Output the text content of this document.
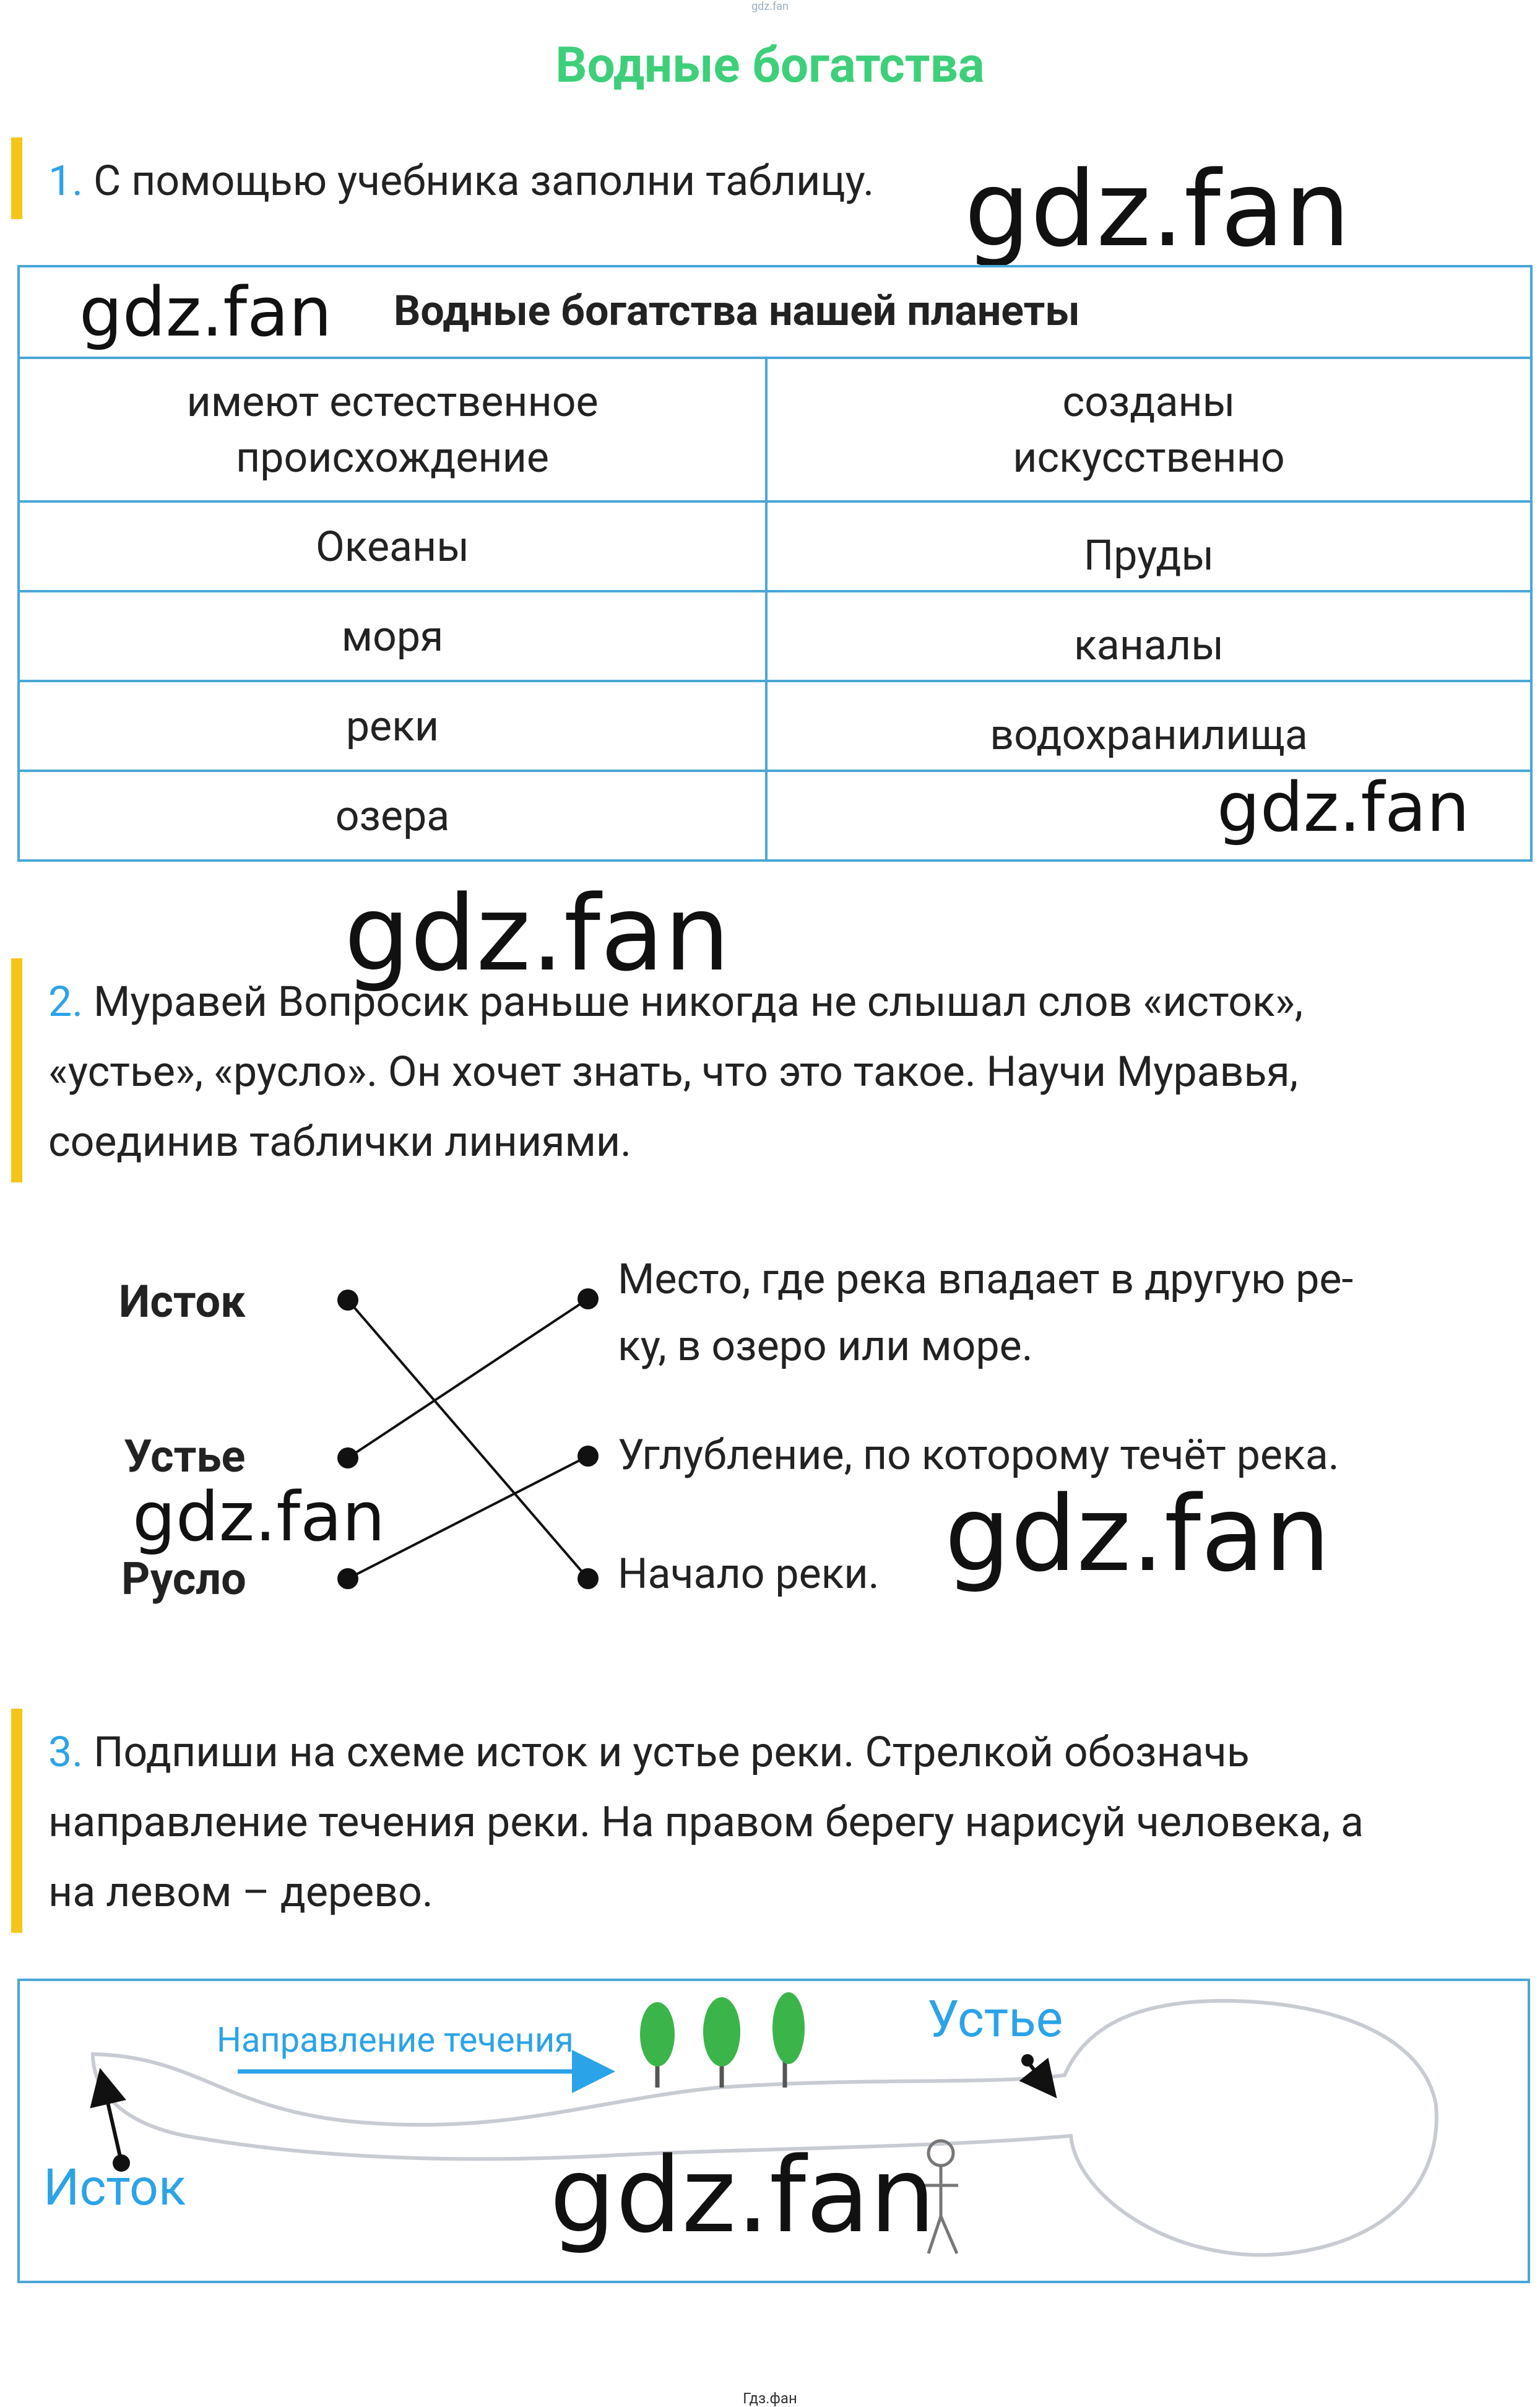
gdz.fan
Водные богатства
1. С помощью учебника заполни таблицу. gdz.fan
gdz.fan Водные богатства нашей планеты	

имеют естественное происхождение	созданы искусственно

Океаны	Пруды
моря	каналы
реки	водохранилища
озера		gdz.fan
gdz.fan
2. Муравей Вопросик раньше никогда не слышал слов «исток»,
«устье», «русло». Он хочет знать, что это такое. Научи Муравья,
соединив таблички линиями.
Исток
Устье
Русло
gdz.fan
Место, где река впадает в другую ре-
ку, в озеро или море.
Углубление, по которому течёт река.
Начало реки. gdz.fan
3. Подпиши на схеме исток и устье реки. Стрелкой обозначь
направление течения реки. На правом берегу нарисуй человека, а
на левом – дерево.
Направление течения	Устье
Исток	gdz.fan
Гдз.фан
